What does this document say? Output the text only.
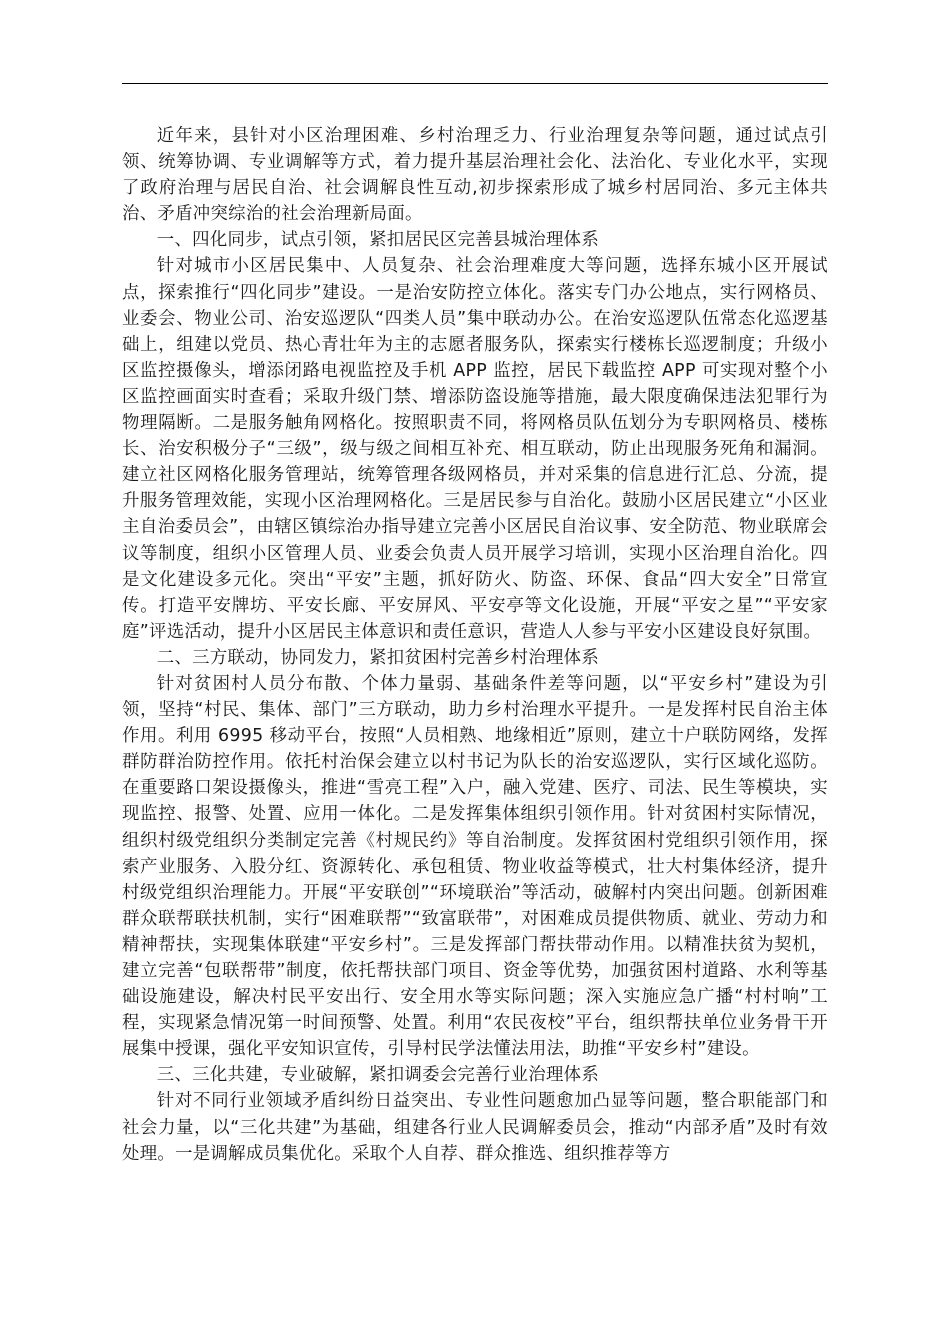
近年来，县针对小区治理困难、乡村治理乏力、行业治理复杂等问题，通过试点引领、统筹协调、专业调解等方式，着力提升基层治理社会化、法治化、专业化水平，实现了政府治理与居民自治、社会调解良性互动,初步探索形成了城乡村居同治、多元主体共治、矛盾冲突综治的社会治理新局面。

一、四化同步，试点引领，紧扣居民区完善县城治理体系

针对城市小区居民集中、人员复杂、社会治理难度大等问题，选择东城小区开展试点，探索推行“四化同步”建设。一是治安防控立体化。落实专门办公地点，实行网格员、业委会、物业公司、治安巡逻队“四类人员”集中联动办公。在治安巡逻队伍常态化巡逻基础上，组建以党员、热心青壮年为主的志愿者服务队，探索实行楼栋长巡逻制度；升级小区监控摄像头，增添闭路电视监控及手机 APP 监控，居民下载监控 APP 可实现对整个小区监控画面实时查看；采取升级门禁、增添防盗设施等措施，最大限度确保违法犯罪行为物理隔断。二是服务触角网格化。按照职责不同，将网格员队伍划分为专职网格员、楼栋长、治安积极分子“三级”，级与级之间相互补充、相互联动，防止出现服务死角和漏洞。建立社区网格化服务管理站，统筹管理各级网格员，并对采集的信息进行汇总、分流，提升服务管理效能，实现小区治理网格化。三是居民参与自治化。鼓励小区居民建立“小区业主自治委员会”，由辖区镇综治办指导建立完善小区居民自治议事、安全防范、物业联席会议等制度，组织小区管理人员、业委会负责人员开展学习培训，实现小区治理自治化。四是文化建设多元化。突出“平安”主题，抓好防火、防盗、环保、食品“四大安全”日常宣传。打造平安牌坊、平安长廊、平安屏风、平安亭等文化设施，开展“平安之星”“平安家庭”评选活动，提升小区居民主体意识和责任意识，营造人人参与平安小区建设良好氛围。

二、三方联动，协同发力，紧扣贫困村完善乡村治理体系

针对贫困村人员分布散、个体力量弱、基础条件差等问题，以“平安乡村”建设为引领，坚持“村民、集体、部门”三方联动，助力乡村治理水平提升。一是发挥村民自治主体作用。利用 6995 移动平台，按照“人员相熟、地缘相近”原则，建立十户联防网络，发挥群防群治防控作用。依托村治保会建立以村书记为队长的治安巡逻队，实行区域化巡防。在重要路口架设摄像头，推进“雪亮工程”入户，融入党建、医疗、司法、民生等模块，实现监控、报警、处置、应用一体化。二是发挥集体组织引领作用。针对贫困村实际情况，组织村级党组织分类制定完善《村规民约》等自治制度。发挥贫困村党组织引领作用，探索产业服务、入股分红、资源转化、承包租赁、物业收益等模式，壮大村集体经济，提升村级党组织治理能力。开展“平安联创”“环境联治”等活动，破解村内突出问题。创新困难群众联帮联扶机制，实行“困难联帮”“致富联带”，对困难成员提供物质、就业、劳动力和精神帮扶，实现集体联建“平安乡村”。三是发挥部门帮扶带动作用。以精准扶贫为契机，建立完善“包联帮带”制度，依托帮扶部门项目、资金等优势，加强贫困村道路、水利等基础设施建设，解决村民平安出行、安全用水等实际问题；深入实施应急广播“村村响”工程，实现紧急情况第一时间预警、处置。利用“农民夜校”平台，组织帮扶单位业务骨干开展集中授课，强化平安知识宣传，引导村民学法懂法用法，助推“平安乡村”建设。

三、三化共建，专业破解，紧扣调委会完善行业治理体系

针对不同行业领域矛盾纠纷日益突出、专业性问题愈加凸显等问题，整合职能部门和社会力量，以“三化共建”为基础，组建各行业人民调解委员会，推动“内部矛盾”及时有效处理。一是调解成员集优化。采取个人自荐、群众推选、组织推荐等方
